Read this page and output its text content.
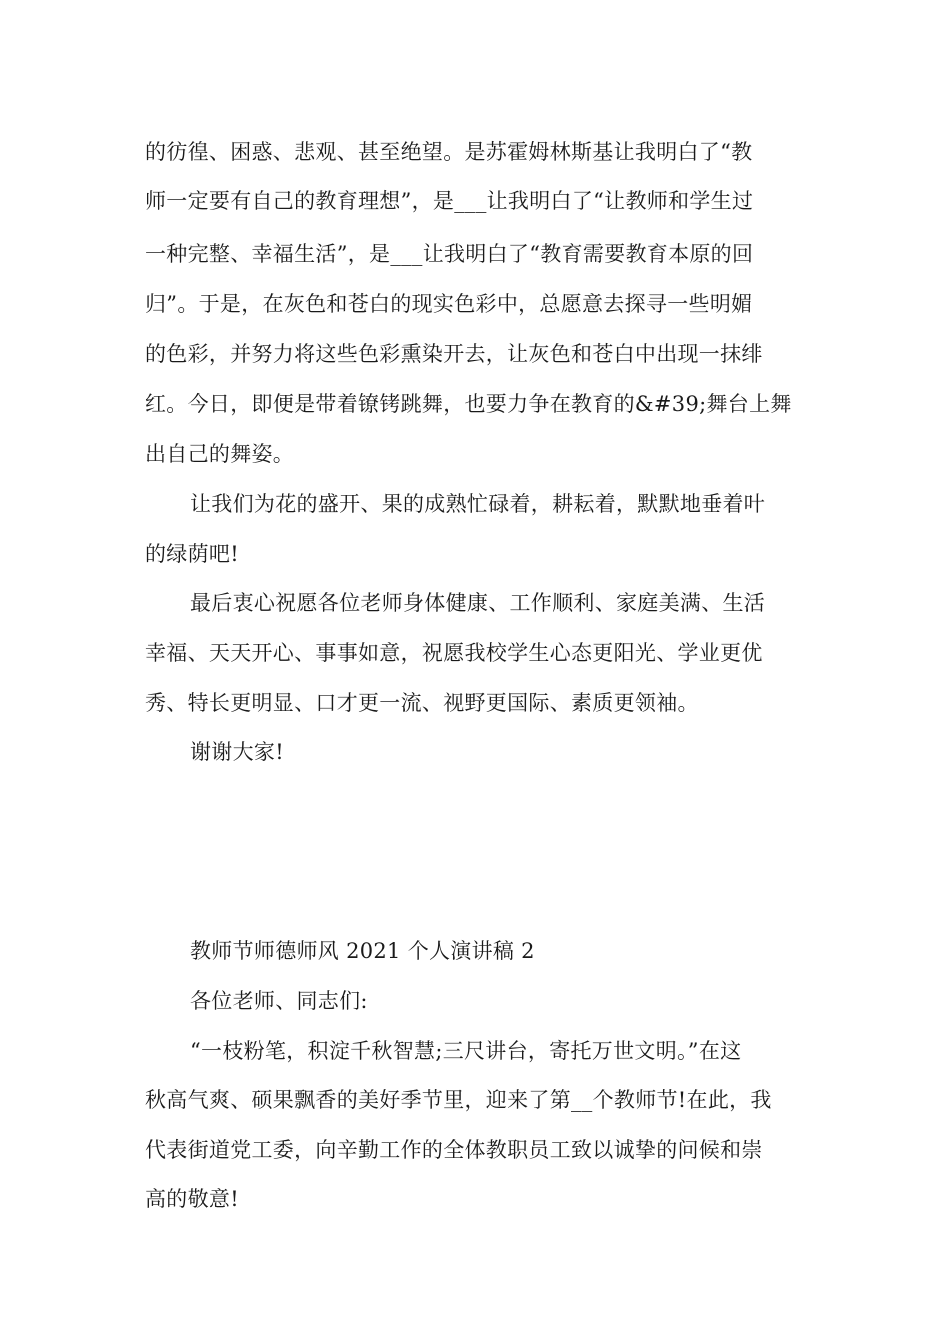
的彷徨、困惑、悲观、甚至绝望。是苏霍姆林斯基让我明白了“教
师一定要有自己的教育理想”，是___让我明白了“让教师和学生过
一种完整、幸福生活”，是___让我明白了“教育需要教育本原的回
归”。于是，在灰色和苍白的现实色彩中，总愿意去探寻一些明媚
的色彩，并努力将这些色彩熏染开去，让灰色和苍白中出现一抹绯
红。今日，即便是带着镣铐跳舞，也要力争在教育的&#39;舞台上舞
出自己的舞姿。
让我们为花的盛开、果的成熟忙碌着，耕耘着，默默地垂着叶
的绿荫吧!
最后衷心祝愿各位老师身体健康、工作顺利、家庭美满、生活
幸福、天天开心、事事如意，祝愿我校学生心态更阳光、学业更优
秀、特长更明显、口才更一流、视野更国际、素质更领袖。
谢谢大家!
教师节师德师风 2021 个人演讲稿 2
各位老师、同志们:
“一枝粉笔，积淀千秋智慧;三尺讲台，寄托万世文明。”在这
秋高气爽、硕果飘香的美好季节里，迎来了第__个教师节!在此，我
代表街道党工委，向辛勤工作的全体教职员工致以诚挚的问候和崇
高的敬意!
